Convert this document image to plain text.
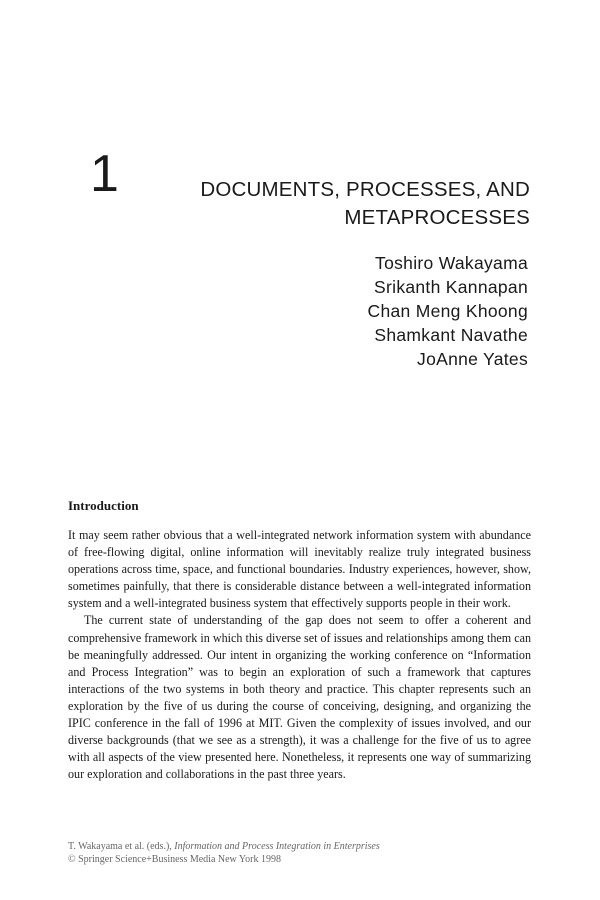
1	DOCUMENTS, PROCESSES, AND
METAPROCESSES
Toshiro Wakayama
Srikanth Kannapan
Chan Meng Khoong
Shamkant Navathe
JoAnne Yates
Introduction

It may seem rather obvious that a well-integrated network information system with abundance of free-flowing digital, online information will inevitably realize truly integrated business operations across time, space, and functional boundaries. Industry experiences, however, show, sometimes painfully, that there is considerable distance between a well-integrated information system and a well-integrated business system that effectively supports people in their work.

The current state of understanding of the gap does not seem to offer a coherent and comprehensive framework in which this diverse set of issues and relationships among them can be meaningfully addressed. Our intent in organizing the working conference on “Information and Process Integration” was to begin an exploration of such a framework that captures interactions of the two systems in both theory and practice. This chapter represents such an exploration by the five of us during the course of conceiving, designing, and organizing the IPIC conference in the fall of 1996 at MIT. Given the complexity of issues involved, and our diverse backgrounds (that we see as a strength), it was a challenge for the five of us to agree with all aspects of the view presented here. Nonetheless, it represents one way of summarizing our exploration and collaborations in the past three years.

T. Wakayama et al. (eds.), Information and Process Integration in Enterprises
© Springer Science+Business Media New York 1998
